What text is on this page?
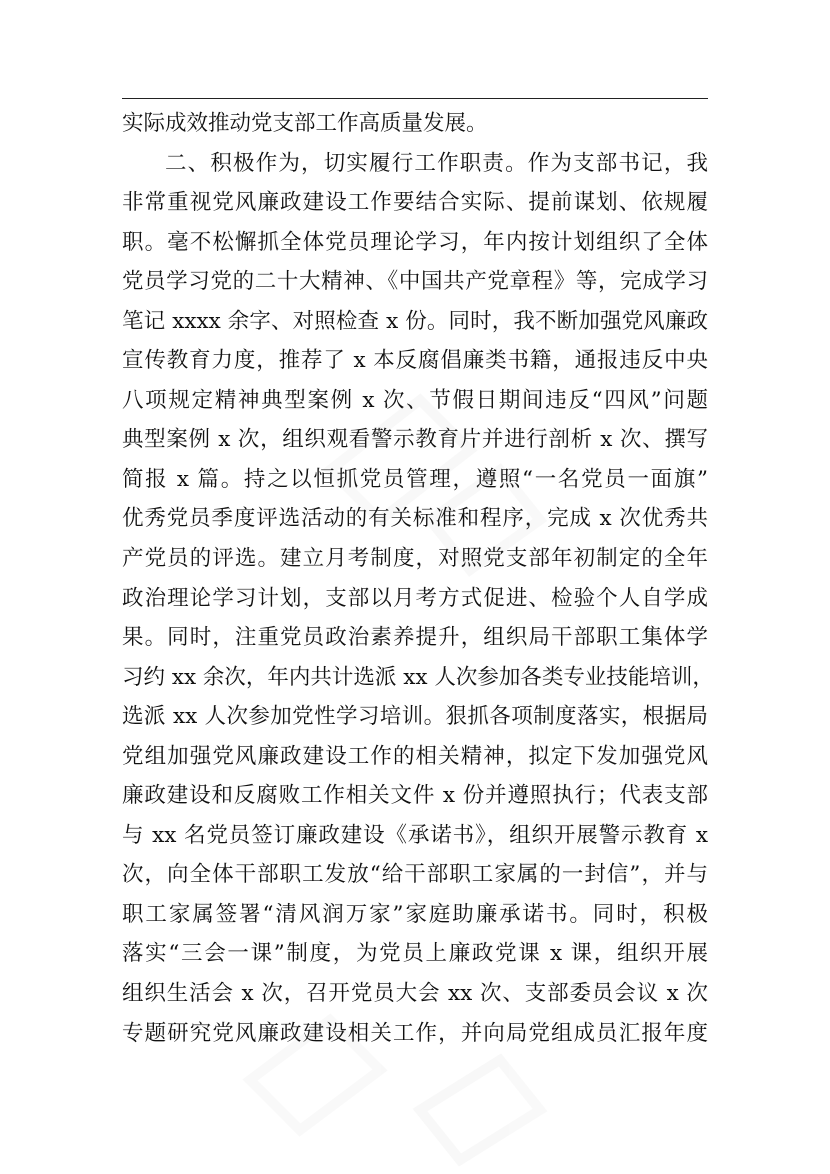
实际成效推动党支部工作高质量发展。

二、积极作为，切实履行工作职责。作为支部书记，我
非常重视党风廉政建设工作要结合实际、提前谋划、依规履
职。毫不松懈抓全体党员理论学习，年内按计划组织了全体
党员学习党的二十大精神、《中国共产党章程》等，完成学习
笔记 xxxx 余字、对照检查 x 份。同时，我不断加强党风廉政
宣传教育力度，推荐了 x 本反腐倡廉类书籍，通报违反中央
八项规定精神典型案例 x 次、节假日期间违反“四风”问题
典型案例 x 次，组织观看警示教育片并进行剖析 x 次、撰写
简报 x 篇。持之以恒抓党员管理，遵照“一名党员一面旗”
优秀党员季度评选活动的有关标准和程序，完成 x 次优秀共
产党员的评选。建立月考制度，对照党支部年初制定的全年
政治理论学习计划，支部以月考方式促进、检验个人自学成
果。同时，注重党员政治素养提升，组织局干部职工集体学
习约 xx 余次，年内共计选派 xx 人次参加各类专业技能培训，
选派 xx 人次参加党性学习培训。狠抓各项制度落实，根据局
党组加强党风廉政建设工作的相关精神，拟定下发加强党风
廉政建设和反腐败工作相关文件 x 份并遵照执行；代表支部
与 xx 名党员签订廉政建设《承诺书》，组织开展警示教育 x
次，向全体干部职工发放“给干部职工家属的一封信”，并与
职工家属签署“清风润万家”家庭助廉承诺书。同时，积极
落实“三会一课”制度，为党员上廉政党课 x 课，组织开展
组织生活会 x 次，召开党员大会 xx 次、支部委员会议 x 次
专题研究党风廉政建设相关工作，并向局党组成员汇报年度
